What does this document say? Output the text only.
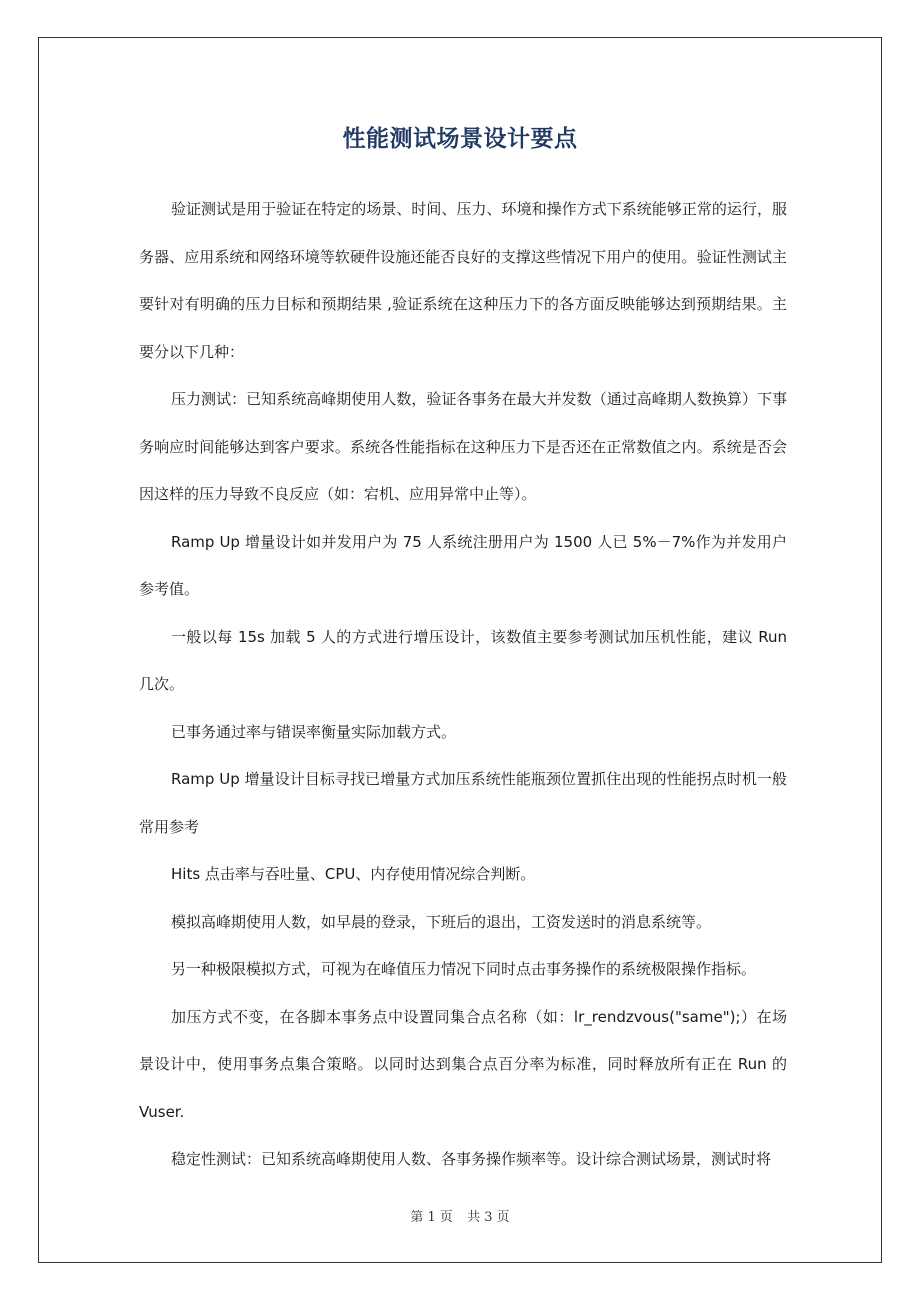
性能测试场景设计要点

验证测试是用于验证在特定的场景、时间、压力、环境和操作方式下系统能够正常的运行，服务器、应用系统和网络环境等软硬件设施还能否良好的支撑这些情况下用户的使用。验证性测试主要针对有明确的压力目标和预期结果 ,验证系统在这种压力下的各方面反映能够达到预期结果。主要分以下几种：

压力测试：已知系统高峰期使用人数，验证各事务在最大并发数（通过高峰期人数换算）下事务响应时间能够达到客户要求。系统各性能指标在这种压力下是否还在正常数值之内。系统是否会因这样的压力导致不良反应（如：宕机、应用异常中止等）。

Ramp Up 增量设计如并发用户为 75 人系统注册用户为 1500 人已 5%－7%作为并发用户参考值。

一般以每 15s 加载 5 人的方式进行增压设计，该数值主要参考测试加压机性能，建议 Run 几次。

已事务通过率与错误率衡量实际加载方式。

Ramp Up 增量设计目标寻找已增量方式加压系统性能瓶颈位置抓住出现的性能拐点时机一般常用参考

Hits 点击率与吞吐量、CPU、内存使用情况综合判断。

模拟高峰期使用人数，如早晨的登录，下班后的退出，工资发送时的消息系统等。

另一种极限模拟方式，可视为在峰值压力情况下同时点击事务操作的系统极限操作指标。

加压方式不变，在各脚本事务点中设置同集合点名称（如：lr_rendzvous("same");）在场景设计中，使用事务点集合策略。以同时达到集合点百分率为标准，同时释放所有正在 Run 的 Vuser.

稳定性测试：已知系统高峰期使用人数、各事务操作频率等。设计综合测试场景，测试时将

第 1 页 共 3 页
